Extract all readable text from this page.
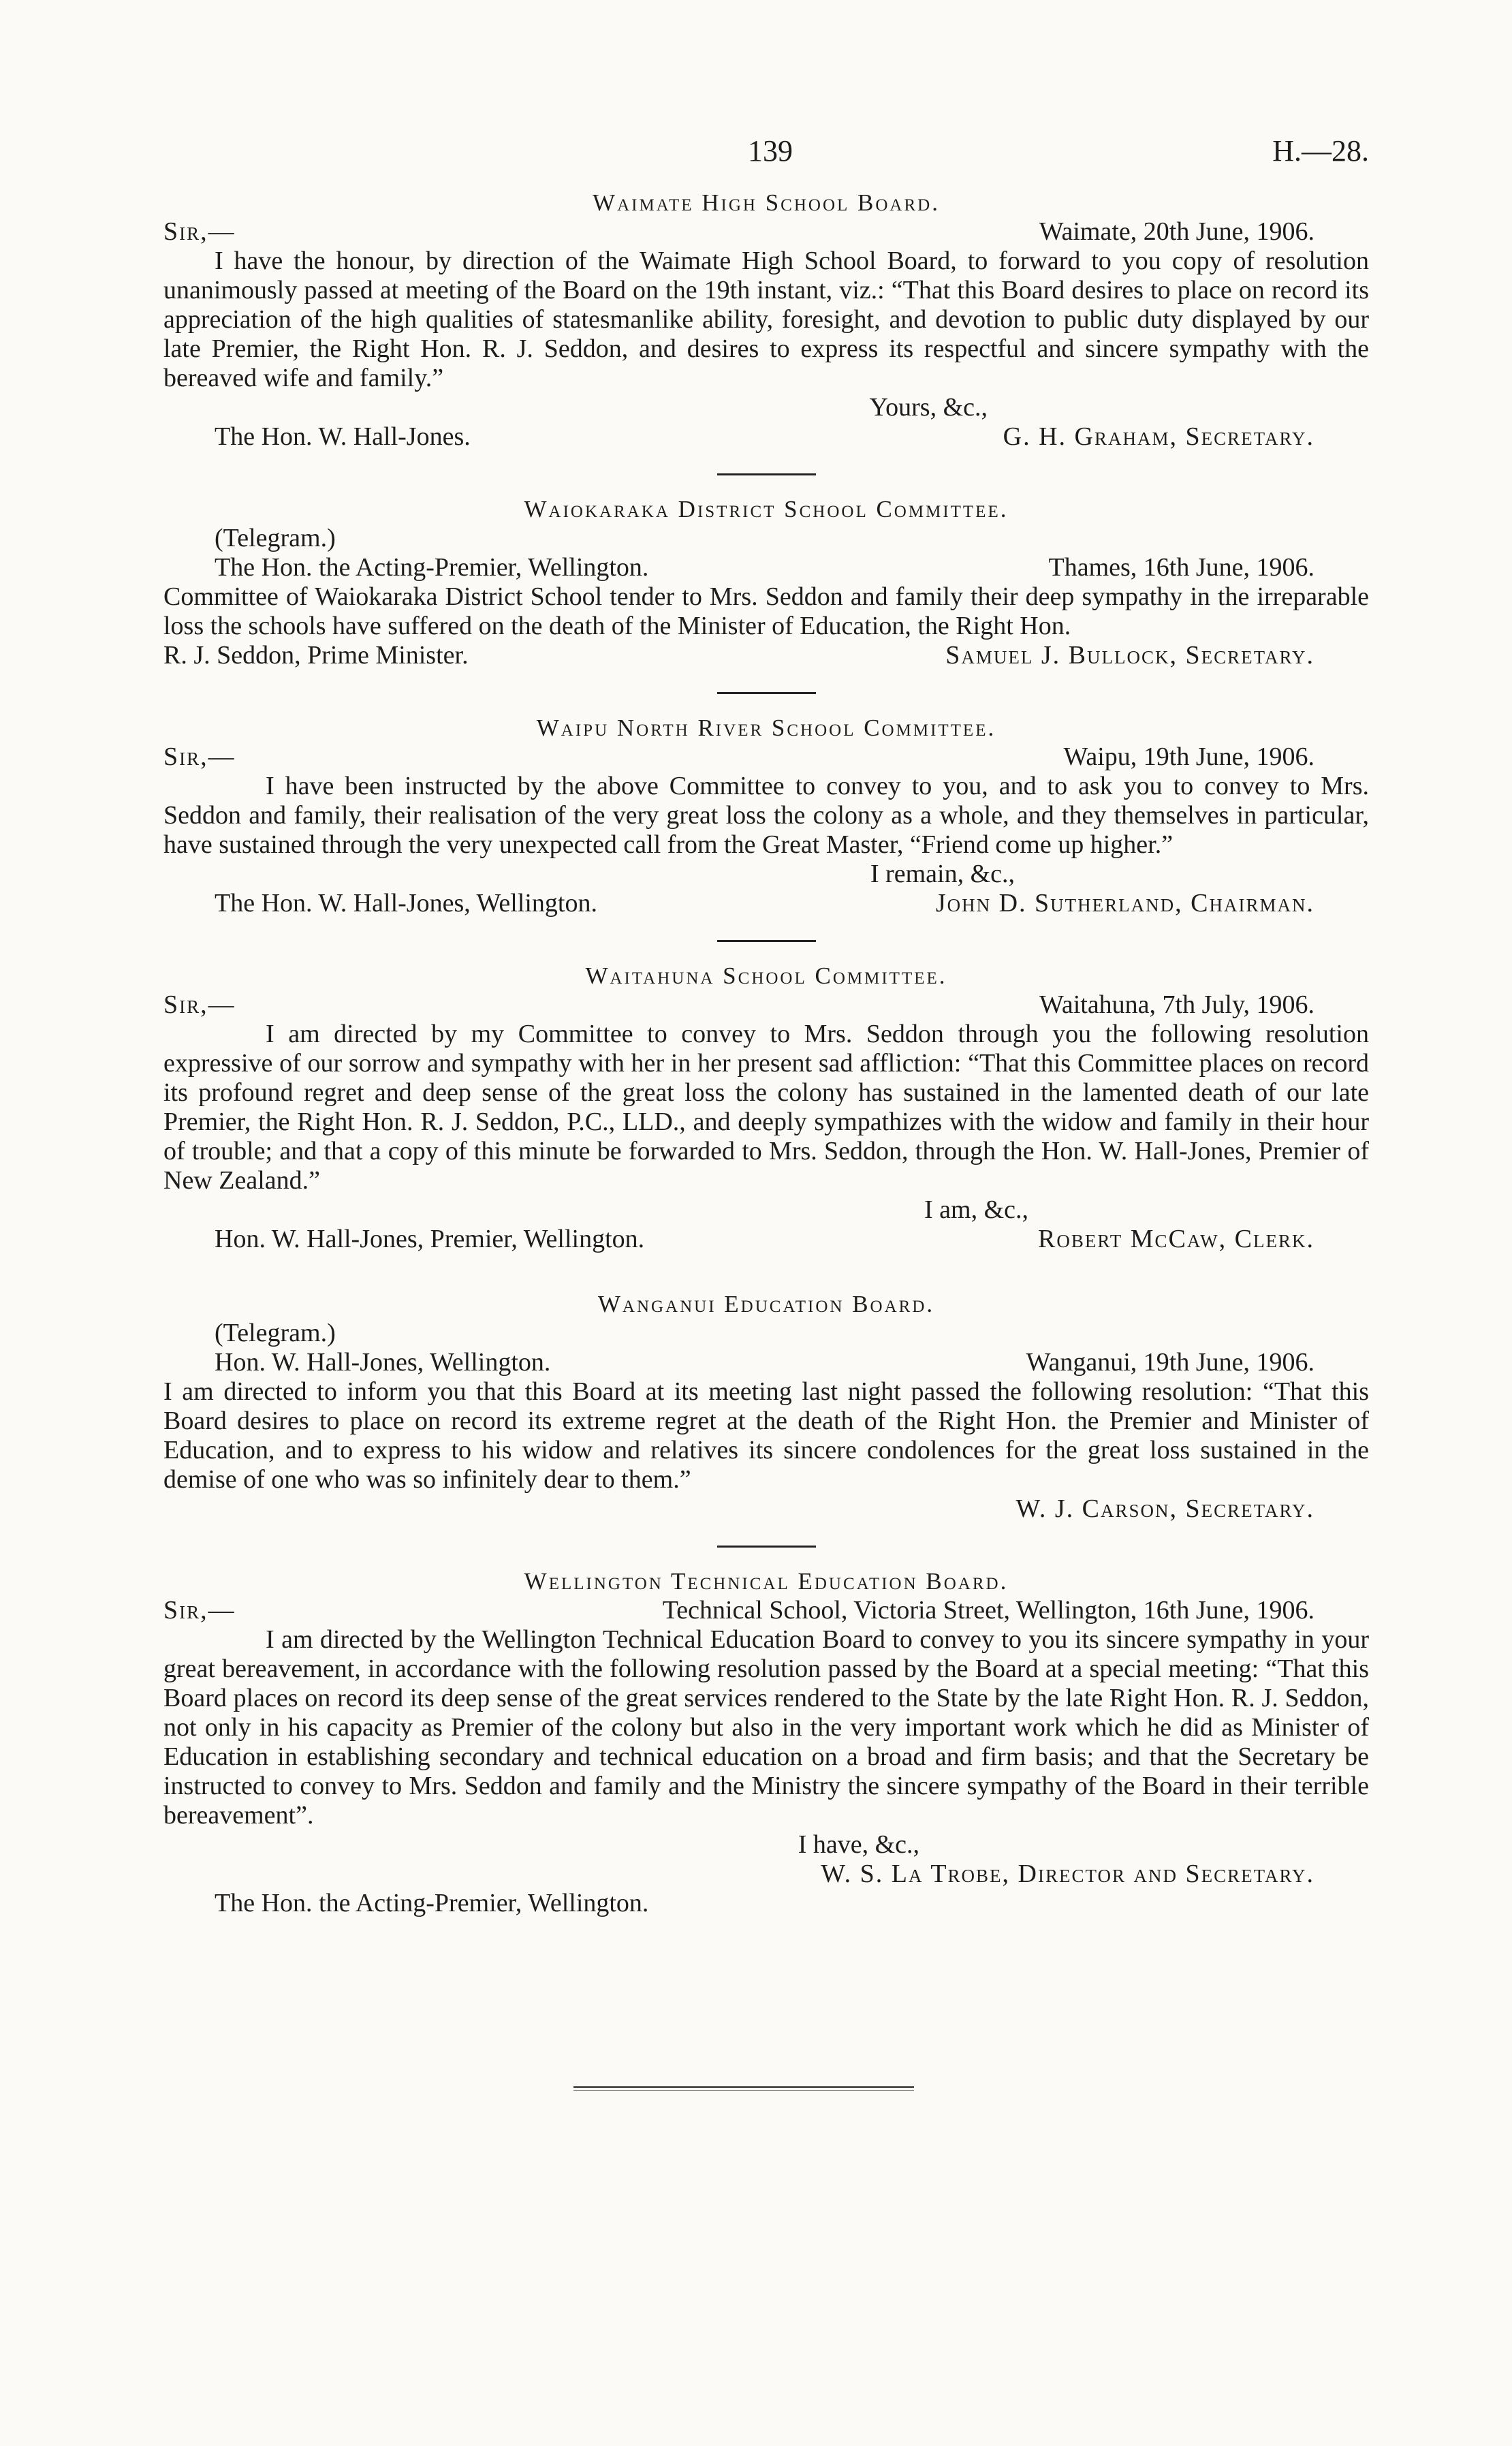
139	H.—28.
Waimate High School Board.
Sir,—	Waimate, 20th June, 1906.
I have the honour, by direction of the Waimate High School Board, to forward to you copy of resolution unanimously passed at meeting of the Board on the 19th instant, viz.: “That this Board desires to place on record its appreciation of the high qualities of statesmanlike ability, foresight, and devotion to public duty displayed by our late Premier, the Right Hon. R. J. Seddon, and desires to express its respectful and sincere sympathy with the bereaved wife and family.”
Yours, &c.,
The Hon. W. Hall-Jones.	G. H. Graham, Secretary.
Waiokaraka District School Committee.
(Telegram.)
The Hon. the Acting-Premier, Wellington.	Thames, 16th June, 1906.
Committee of Waiokaraka District School tender to Mrs. Seddon and family their deep sympathy in the irreparable loss the schools have suffered on the death of the Minister of Education, the Right Hon.
R. J. Seddon, Prime Minister.	Samuel J. Bullock, Secretary.
Waipu North River School Committee.
Sir,—	Waipu, 19th June, 1906.
I have been instructed by the above Committee to convey to you, and to ask you to convey to Mrs. Seddon and family, their realisation of the very great loss the colony as a whole, and they themselves in particular, have sustained through the very unexpected call from the Great Master, “Friend come up higher.”
I remain, &c.,
The Hon. W. Hall-Jones, Wellington.	John D. Sutherland, Chairman.
Waitahuna School Committee.
Sir,—	Waitahuna, 7th July, 1906.
I am directed by my Committee to convey to Mrs. Seddon through you the following resolution expressive of our sorrow and sympathy with her in her present sad affliction: “That this Committee places on record its profound regret and deep sense of the great loss the colony has sustained in the lamented death of our late Premier, the Right Hon. R. J. Seddon, P.C., LLD., and deeply sympathizes with the widow and family in their hour of trouble; and that a copy of this minute be forwarded to Mrs. Seddon, through the Hon. W. Hall-Jones, Premier of New Zealand.”
I am, &c.,
Hon. W. Hall-Jones, Premier, Wellington.	Robert McCaw, Clerk.
Wanganui Education Board.
(Telegram.)
Hon. W. Hall-Jones, Wellington.	Wanganui, 19th June, 1906.
I am directed to inform you that this Board at its meeting last night passed the following resolution: “That this Board desires to place on record its extreme regret at the death of the Right Hon. the Premier and Minister of Education, and to express to his widow and relatives its sincere condolences for the great loss sustained in the demise of one who was so infinitely dear to them.”
W. J. Carson, Secretary.
Wellington Technical Education Board.
Sir,—	Technical School, Victoria Street, Wellington, 16th June, 1906.
I am directed by the Wellington Technical Education Board to convey to you its sincere sympathy in your great bereavement, in accordance with the following resolution passed by the Board at a special meeting: “That this Board places on record its deep sense of the great services rendered to the State by the late Right Hon. R. J. Seddon, not only in his capacity as Premier of the colony but also in the very important work which he did as Minister of Education in establishing secondary and technical education on a broad and firm basis; and that the Secretary be instructed to convey to Mrs. Seddon and family and the Ministry the sincere sympathy of the Board in their terrible bereavement”.
I have, &c.,
W. S. La Trobe, Director and Secretary.
The Hon. the Acting-Premier, Wellington.
